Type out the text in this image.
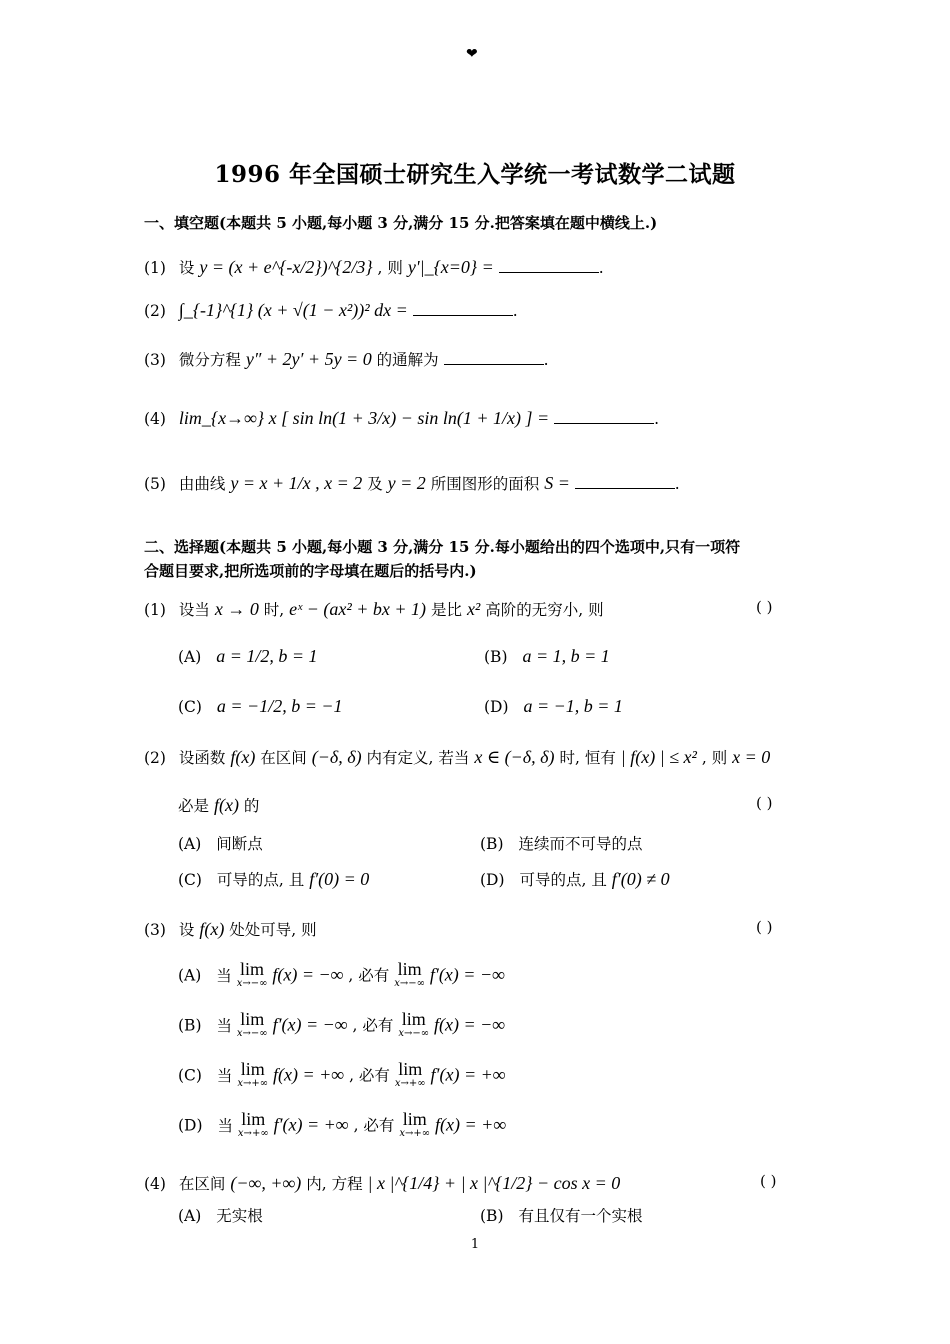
❤
1996 年全国硕士研究生入学统一考试数学二试题
一、填空题(本题共 5 小题,每小题 3 分,满分 15 分.把答案填在题中横线上.)
(1) 设 y = (x + e^{-x/2})^{2/3} , 则 y'|_{x=0} =	.
(2) ∫_{-1}^{1} (x + √(1 − x²))² dx =	.
(3) 微分方程 y″ + 2y′ + 5y = 0 的通解为	.
(4) lim_{x→∞} x [ sin ln(1 + 3/x) − sin ln(1 + 1/x) ] =	.
(5) 由曲线 y = x + 1/x , x = 2 及 y = 2 所围图形的面积 S =	.
二、选择题(本题共 5 小题,每小题 3 分,满分 15 分.每小题给出的四个选项中,只有一项符
合题目要求,把所选项前的字母填在题后的括号内.)
(1) 设当 x → 0 时, eˣ − (ax² + bx + 1) 是比 x² 高阶的无穷小, 则	( )
(A) a = 1/2, b = 1	(B) a = 1, b = 1
(C) a = −1/2, b = −1	(D) a = −1, b = 1
(2) 设函数 f(x) 在区间 (−δ, δ) 内有定义, 若当 x ∈ (−δ, δ) 时, 恒有 | f(x) | ≤ x² , 则 x = 0
必是 f(x) 的	( )
(A) 间断点	(B) 连续而不可导的点
(C) 可导的点, 且 f′(0) = 0	(D) 可导的点, 且 f′(0) ≠ 0
(3) 设 f(x) 处处可导, 则	( )
(A) 当 lim
x→−∞ f(x) = −∞ , 必有 lim
x→−∞ f′(x) = −∞
(B) 当 lim
x→−∞ f′(x) = −∞ , 必有 lim
x→−∞ f(x) = −∞
(C) 当 lim
x→+∞ f(x) = +∞ , 必有 lim
x→+∞ f′(x) = +∞
(D) 当 lim
x→+∞ f′(x) = +∞ , 必有 lim
x→+∞ f(x) = +∞
(4) 在区间 (−∞, +∞) 内, 方程 | x |^{1/4} + | x |^{1/2} − cos x = 0	( )
(A) 无实根	(B) 有且仅有一个实根
1
